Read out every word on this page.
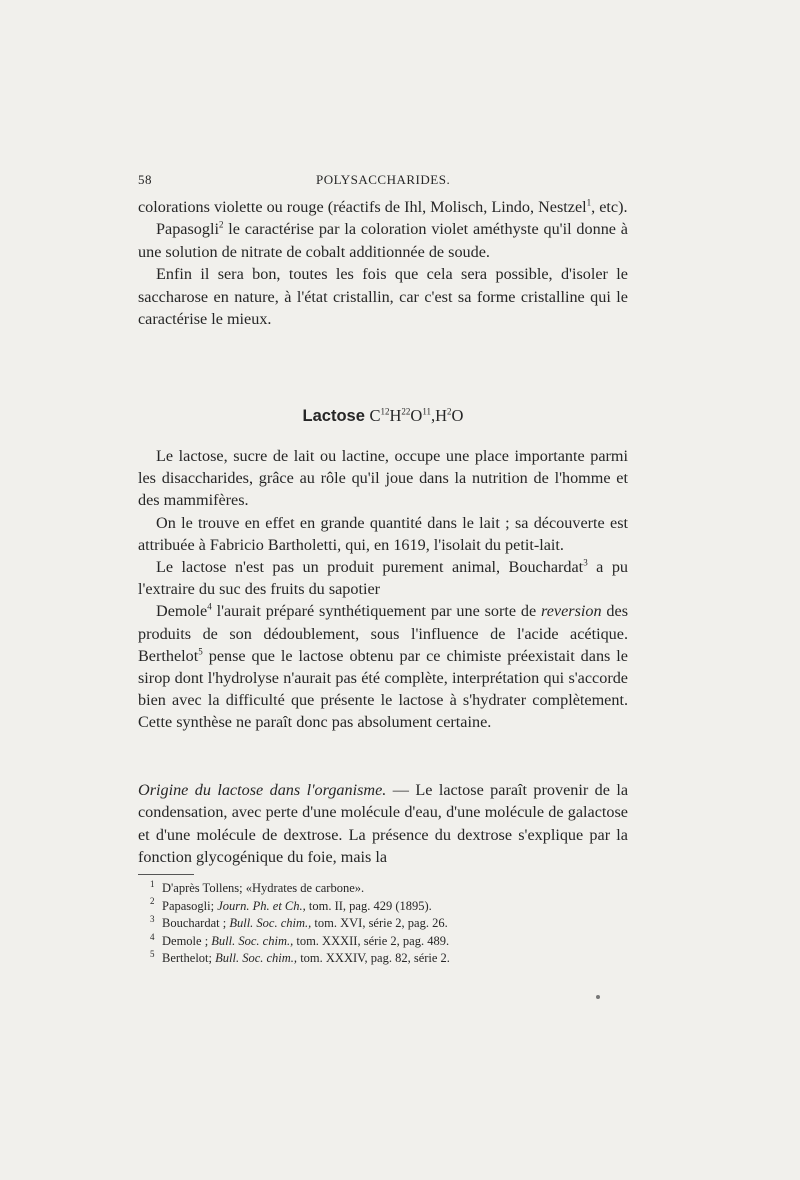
58	POLYSACCHARIDES.

colorations violette ou rouge (réactifs de Ihl, Molisch, Lindo, Nestzel$^1$, etc).

Papasogli$^2$ le caractérise par la coloration violet améthyste qu'il donne à une solution de nitrate de cobalt additionnée de soude.

Enfin il sera bon, toutes les fois que cela sera possible, d'isoler le saccharose en nature, à l'état cristallin, car c'est sa forme cristalline qui le caractérise le mieux.

Lactose $C^{12}H^{22}O^{11},H^2O$

Le lactose, sucre de lait ou lactine, occupe une place importante parmi les disaccharides, grâce au rôle qu'il joue dans la nutrition de l'homme et des mammifères.

On le trouve en effet en grande quantité dans le lait ; sa découverte est attribuée à Fabricio Bartholetti, qui, en 1619, l'isolait du petit-lait.

Le lactose n'est pas un produit purement animal, Bouchardat$^3$ a pu l'extraire du suc des fruits du sapotier

Demole$^4$ l'aurait préparé synthétiquement par une sorte de reversion des produits de son dédoublement, sous l'influence de l'acide acétique. Berthelot$^5$ pense que le lactose obtenu par ce chimiste préexistait dans le sirop dont l'hydrolyse n'aurait pas été complète, interprétation qui s'accorde bien avec la difficulté que présente le lactose à s'hydrater complètement. Cette synthèse ne paraît donc pas absolument certaine.

Origine du lactose dans l'organisme. — Le lactose paraît provenir de la condensation, avec perte d'une molécule d'eau, d'une molécule de galactose et d'une molécule de dextrose. La présence du dextrose s'explique par la fonction glycogénique du foie, mais la

$^1$ D'après Tollens; «Hydrates de carbone».
$^2$ Papasogli; Journ. Ph. et Ch., tom. II, pag. 429 (1895).
$^3$ Bouchardat ; Bull. Soc. chim., tom. XVI, série 2, pag. 26.
$^4$ Demole ; Bull. Soc. chim., tom. XXXII, série 2, pag. 489.
$^5$ Berthelot; Bull. Soc. chim., tom. XXXIV, pag. 82, série 2.
